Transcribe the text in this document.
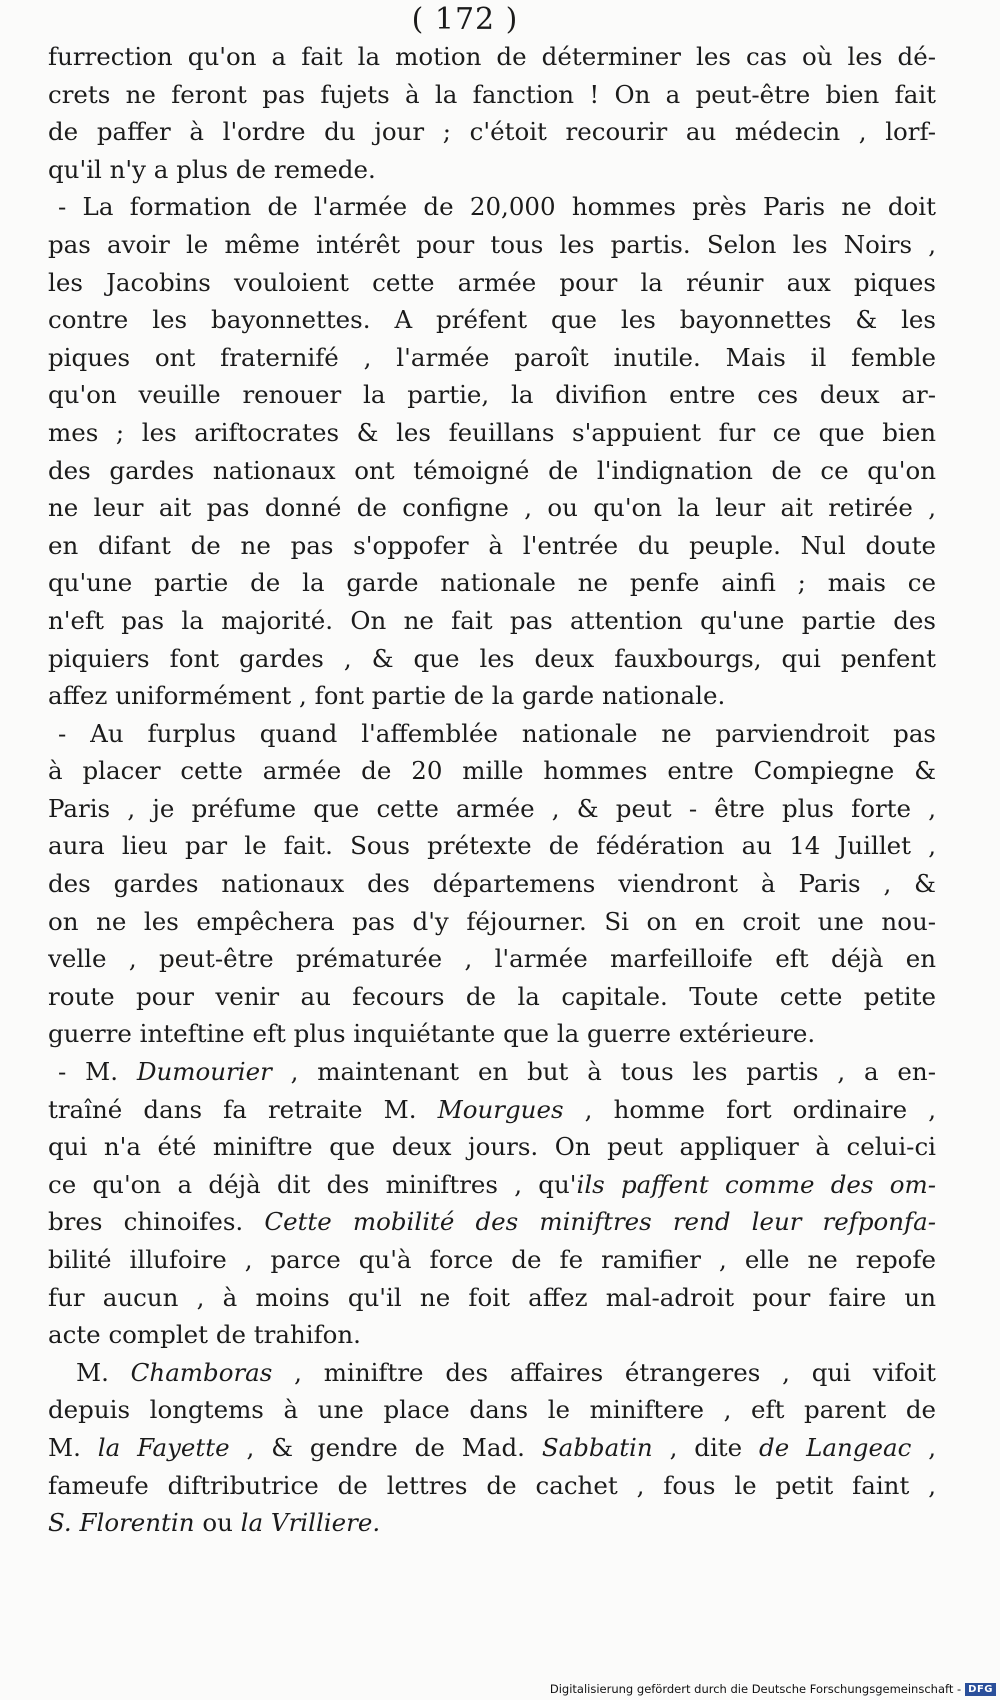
( 172 )
furrection qu'on a fait la motion de déterminer les cas où les dé-
crets ne feront pas fujets à la fanction ! On a peut-être bien fait
de paffer à l'ordre du jour ; c'étoit recourir au médecin , lorf-
qu'il n'y a plus de remede.
- La formation de l'armée de 20,000 hommes près Paris ne doit
pas avoir le même intérêt pour tous les partis. Selon les Noirs ,
les Jacobins vouloient cette armée pour la réunir aux piques
contre les bayonnettes. A préfent que les bayonnettes & les
piques ont fraternifé , l'armée paroît inutile. Mais il femble
qu'on veuille renouer la partie, la divifion entre ces deux ar-
mes ; les ariftocrates & les feuillans s'appuient fur ce que bien
des gardes nationaux ont témoigné de l'indignation de ce qu'on
ne leur ait pas donné de configne , ou qu'on la leur ait retirée ,
en difant de ne pas s'oppofer à l'entrée du peuple. Nul doute
qu'une partie de la garde nationale ne penfe ainfi ; mais ce
n'eft pas la majorité. On ne fait pas attention qu'une partie des
piquiers font gardes , & que les deux fauxbourgs, qui penfent
affez uniformément , font partie de la garde nationale.
- Au furplus quand l'affemblée nationale ne parviendroit pas
à placer cette armée de 20 mille hommes entre Compiegne &
Paris , je préfume que cette armée , & peut - être plus forte ,
aura lieu par le fait. Sous prétexte de fédération au 14 Juillet ,
des gardes nationaux des départemens viendront à Paris , &
on ne les empêchera pas d'y féjourner. Si on en croit une nou-
velle , peut-être prématurée , l'armée marfeilloife eft déjà en
route pour venir au fecours de la capitale. Toute cette petite
guerre inteftine eft plus inquiétante que la guerre extérieure.
- M. Dumourier , maintenant en but à tous les partis , a en-
traîné dans fa retraite M. Mourgues , homme fort ordinaire ,
qui n'a été miniftre que deux jours. On peut appliquer à celui-ci
ce qu'on a déjà dit des miniftres , qu'ils paffent comme des om-
bres chinoifes. Cette mobilité des miniftres rend leur refponfa-
bilité illufoire , parce qu'à force de fe ramifier , elle ne repofe
fur aucun , à moins qu'il ne foit affez mal-adroit pour faire un
acte complet de trahifon.
M. Chamboras , miniftre des affaires étrangeres , qui vifoit
depuis longtems à une place dans le miniftere , eft parent de
M. la Fayette , & gendre de Mad. Sabbatin , dite de Langeac ,
fameufe diftributrice de lettres de cachet , fous le petit faint ,
S. Florentin ou la Vrilliere.
Digitalisierung gefördert durch die Deutsche Forschungsgemeinschaft - DFG
